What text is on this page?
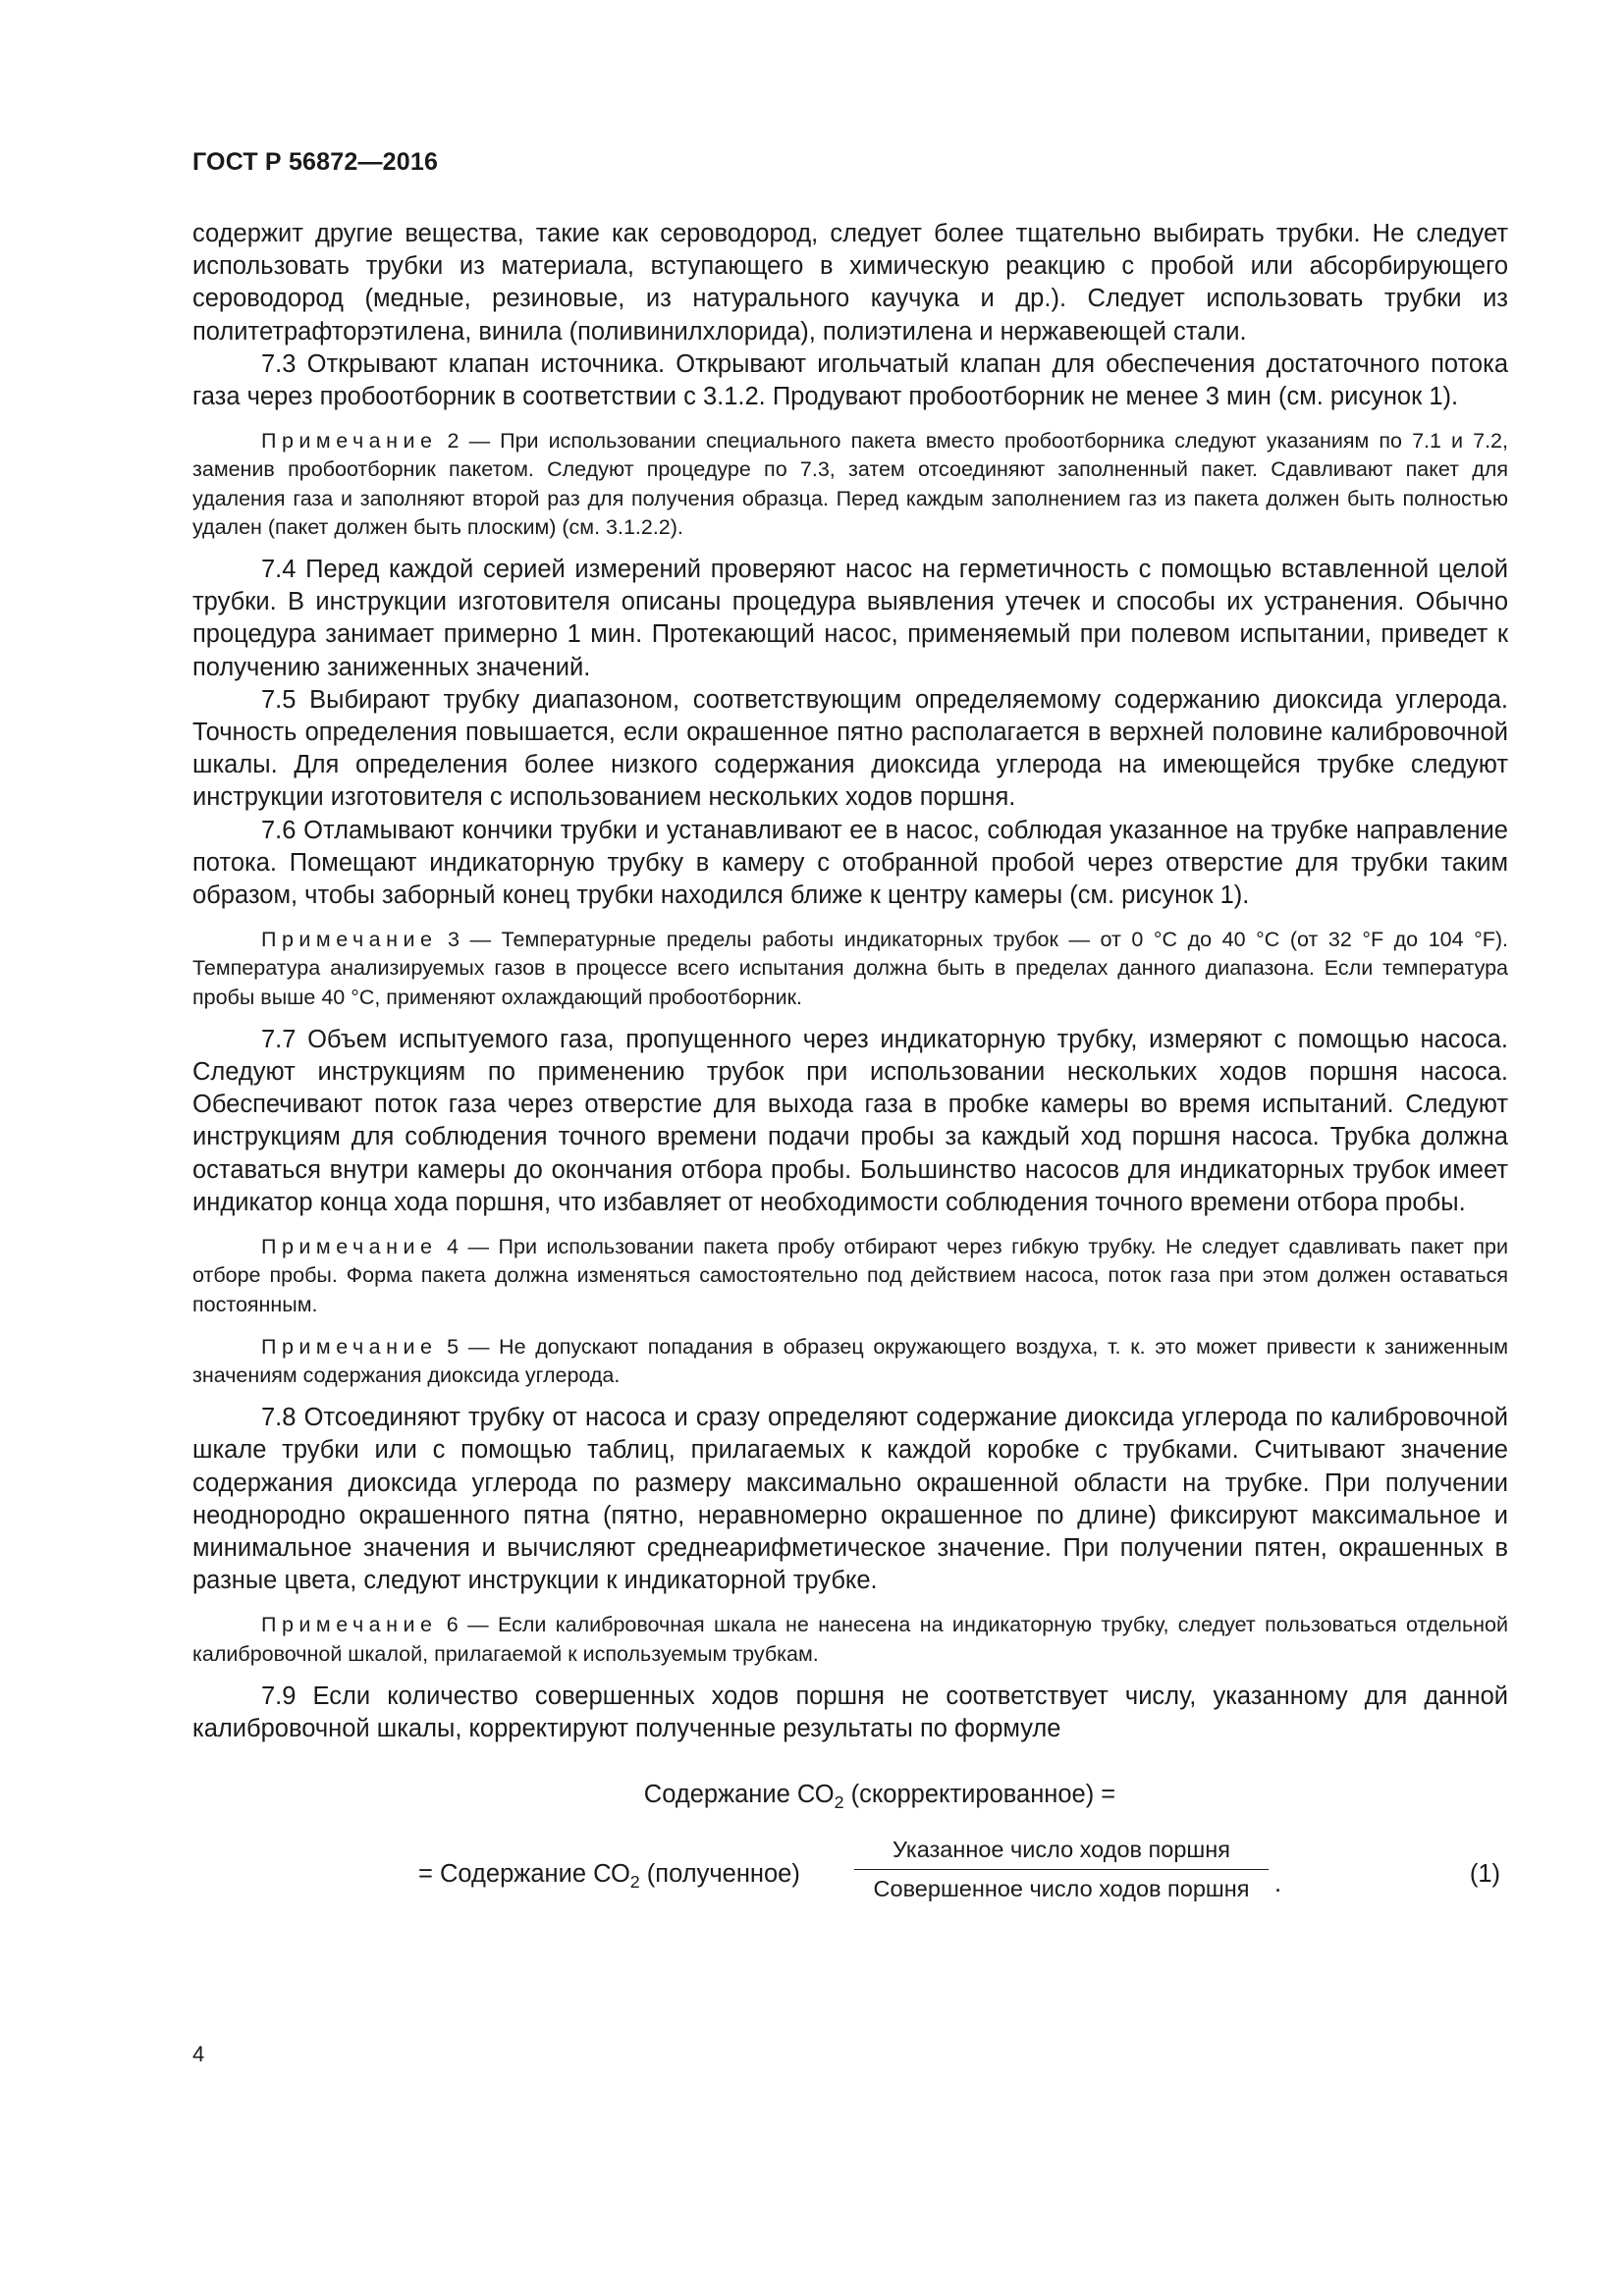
ГОСТ Р 56872—2016

содержит другие вещества, такие как сероводород, следует более тщательно выбирать трубки. Не следует использовать трубки из материала, вступающего в химическую реакцию с пробой или абсорбирующего сероводород (медные, резиновые, из натурального каучука и др.). Следует использовать трубки из политетрафторэтилена, винила (поливинилхлорида), полиэтилена и нержавеющей стали.

7.3 Открывают клапан источника. Открывают игольчатый клапан для обеспечения достаточного потока газа через пробоотборник в соответствии с 3.1.2. Продувают пробоотборник не менее 3 мин (см. рисунок 1).

Примечание 2 — При использовании специального пакета вместо пробоотборника следуют указаниям по 7.1 и 7.2, заменив пробоотборник пакетом. Следуют процедуре по 7.3, затем отсоединяют заполненный пакет. Сдавливают пакет для удаления газа и заполняют второй раз для получения образца. Перед каждым заполнением газ из пакета должен быть полностью удален (пакет должен быть плоским) (см. 3.1.2.2).

7.4 Перед каждой серией измерений проверяют насос на герметичность с помощью вставленной целой трубки. В инструкции изготовителя описаны процедура выявления утечек и способы их устранения. Обычно процедура занимает примерно 1 мин. Протекающий насос, применяемый при полевом испытании, приведет к получению заниженных значений.

7.5 Выбирают трубку диапазоном, соответствующим определяемому содержанию диоксида углерода. Точность определения повышается, если окрашенное пятно располагается в верхней половине калибровочной шкалы. Для определения более низкого содержания диоксида углерода на имеющейся трубке следуют инструкции изготовителя с использованием нескольких ходов поршня.

7.6 Отламывают кончики трубки и устанавливают ее в насос, соблюдая указанное на трубке направление потока. Помещают индикаторную трубку в камеру с отобранной пробой через отверстие для трубки таким образом, чтобы заборный конец трубки находился ближе к центру камеры (см. рисунок 1).

Примечание 3 — Температурные пределы работы индикаторных трубок — от 0 °С до 40 °С (от 32 °F до 104 °F). Температура анализируемых газов в процессе всего испытания должна быть в пределах данного диапазона. Если температура пробы выше 40 °С, применяют охлаждающий пробоотборник.

7.7 Объем испытуемого газа, пропущенного через индикаторную трубку, измеряют с помощью насоса. Следуют инструкциям по применению трубок при использовании нескольких ходов поршня насоса. Обеспечивают поток газа через отверстие для выхода газа в пробке камеры во время испытаний. Следуют инструкциям для соблюдения точного времени подачи пробы за каждый ход поршня насоса. Трубка должна оставаться внутри камеры до окончания отбора пробы. Большинство насосов для индикаторных трубок имеет индикатор конца хода поршня, что избавляет от необходимости соблюдения точного времени отбора пробы.

Примечание 4 — При использовании пакета пробу отбирают через гибкую трубку. Не следует сдавливать пакет при отборе пробы. Форма пакета должна изменяться самостоятельно под действием насоса, поток газа при этом должен оставаться постоянным.

Примечание 5 — Не допускают попадания в образец окружающего воздуха, т. к. это может привести к заниженным значениям содержания диоксида углерода.

7.8 Отсоединяют трубку от насоса и сразу определяют содержание диоксида углерода по калибровочной шкале трубки или с помощью таблиц, прилагаемых к каждой коробке с трубками. Считывают значение содержания диоксида углерода по размеру максимально окрашенной области на трубке. При получении неоднородно окрашенного пятна (пятно, неравномерно окрашенное по длине) фиксируют максимальное и минимальное значения и вычисляют среднеарифметическое значение. При получении пятен, окрашенных в разные цвета, следуют инструкции к индикаторной трубке.

Примечание 6 — Если калибровочная шкала не нанесена на индикаторную трубку, следует пользоваться отдельной калибровочной шкалой, прилагаемой к используемым трубкам.

7.9 Если количество совершенных ходов поршня не соответствует числу, указанному для данной калибровочной шкалы, корректируют полученные результаты по формуле

Содержание $СО_2$ (скорректированное) =
= Содержание $СО_2$ (полученное)
Указанное число ходов поршня
Совершенное число ходов поршня	.	(1)
4
